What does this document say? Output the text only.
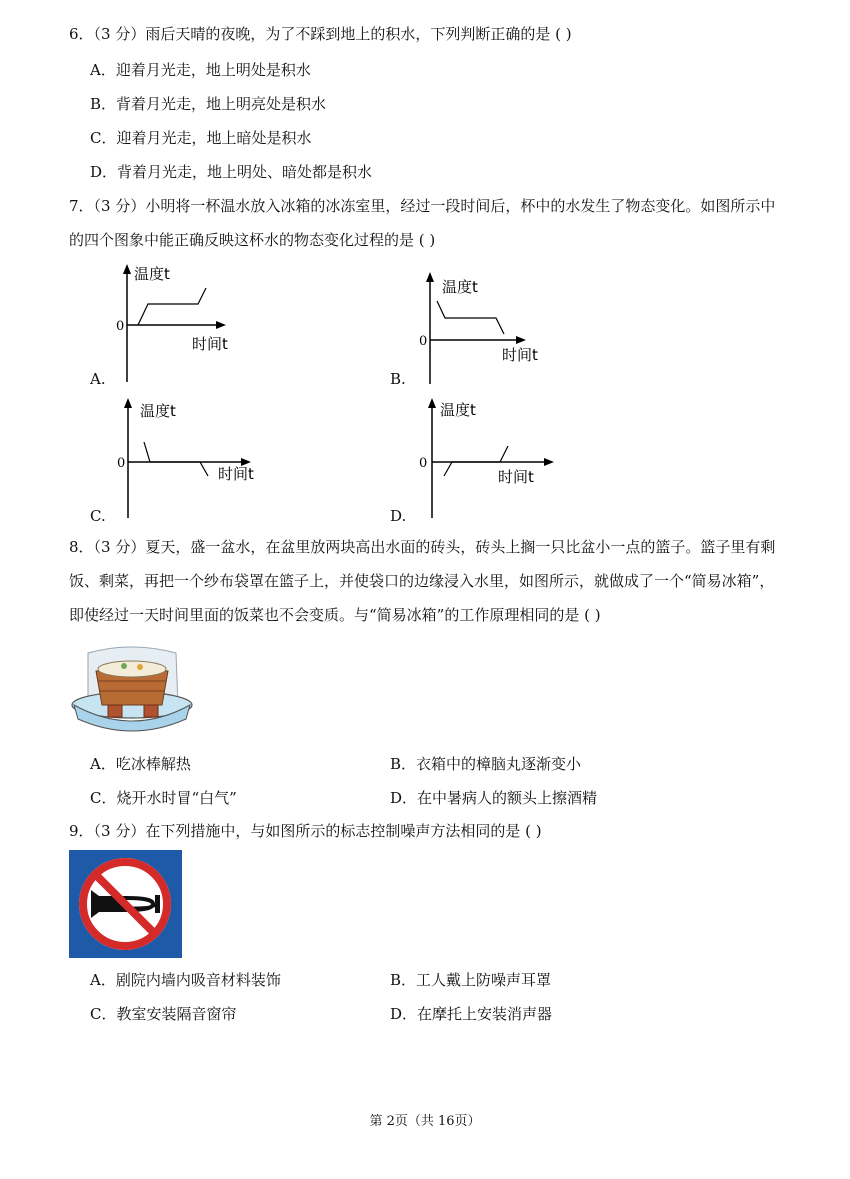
6．（3 分）雨后天晴的夜晚，为了不踩到地上的积水，下列判断正确的是 ( )
A．迎着月光走，地上明处是积水
B．背着月光走，地上明亮处是积水
C．迎着月光走，地上暗处是积水
D．背着月光走，地上明处、暗处都是积水
7．（3 分）小明将一杯温水放入冰箱的冰冻室里，经过一段时间后，杯中的水发生了物态变化。如图所示中
的四个图象中能正确反映这杯水的物态变化过程的是 ( )
温度t
时间t
0
A.
温度t
时间t
0
B.
温度t
时间t
0
C.
温度t
时间t
0
D.
8．（3 分）夏天，盛一盆水，在盆里放两块高出水面的砖头，砖头上搁一只比盆小一点的篮子。篮子里有剩
饭、剩菜，再把一个纱布袋罩在篮子上，并使袋口的边缘浸入水里，如图所示，就做成了一个“简易冰箱”，
即使经过一天时间里面的饭菜也不会变质。与“简易冰箱”的工作原理相同的是 ( )
A．吃冰棒解热	B．衣箱中的樟脑丸逐渐变小
C．烧开水时冒“白气”	D．在中暑病人的额头上擦酒精
9．（3 分）在下列措施中，与如图所示的标志控制噪声方法相同的是 ( )
A．剧院内墙内吸音材料装饰	B．工人戴上防噪声耳罩
C．教室安装隔音窗帘	D．在摩托上安装消声器
第 2页（共 16页）
